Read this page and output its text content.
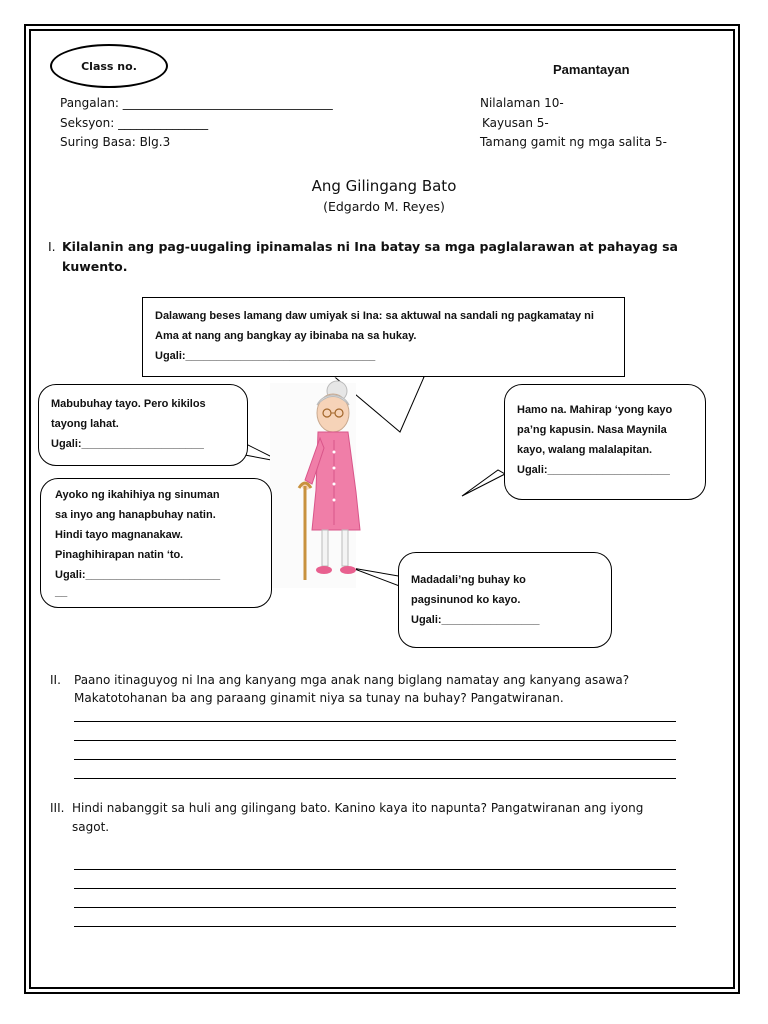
Class no.	Pamantayan
Pangalan: ___________________________________
Seksyon: _______________
Suring Basa: Blg.3
Nilalaman 10-
Kayusan 5-
Tamang gamit ng mga salita 5-
Ang Gilingang Bato
(Edgardo M. Reyes)
I. Kilalanin ang pag-uugaling ipinamalas ni Ina batay sa mga paglalarawan at pahayag sa
kuwento.
Dalawang beses lamang daw umiyak si Ina: sa aktuwal na sandali ng pagkamatay ni
Ama at nang ang bangkay ay ibinaba na sa hukay.
Ugali:_______________________________
Mabubuhay tayo. Pero kikilos
tayong lahat.
Ugali:____________________
Hamo na. Mahirap ‘yong kayo
pa’ng kapusin. Nasa Maynila
kayo, walang malalapitan.
Ugali:____________________
Ayoko ng ikahihiya ng sinuman
sa inyo ang hanapbuhay natin.
Hindi tayo magnanakaw.
Pinaghihirapan natin ‘to.
Ugali:______________________
__
Madadali’ng buhay ko
pagsinunod ko kayo.
Ugali:________________
II. Paano itinaguyog ni Ina ang kanyang mga anak nang biglang namatay ang kanyang asawa?
Makatotohanan ba ang paraang ginamit niya sa tunay na buhay? Pangatwiranan.
III. Hindi nabanggit sa huli ang gilingang bato. Kanino kaya ito napunta? Pangatwiranan ang iyong
sagot.
